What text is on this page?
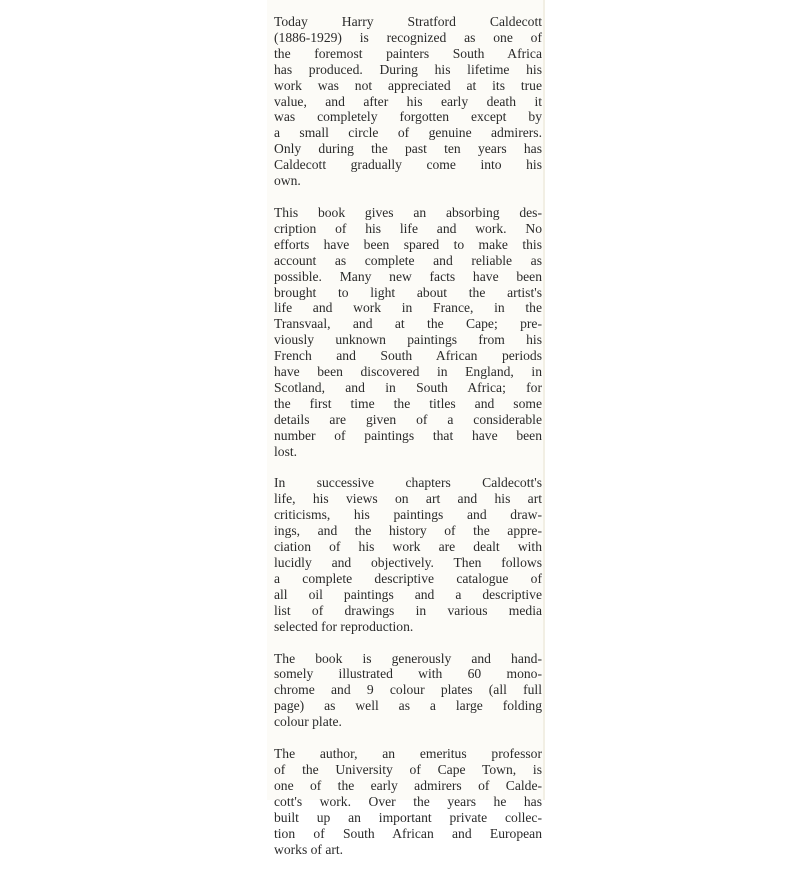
Today Harry Stratford Caldecott
(1886-1929) is recognized as one of
the foremost painters South Africa
has produced. During his lifetime his
work was not appreciated at its true
value, and after his early death it
was completely forgotten except by
a small circle of genuine admirers.
Only during the past ten years has
Caldecott gradually come into his
own.

This book gives an absorbing des-
cription of his life and work. No
efforts have been spared to make this
account as complete and reliable as
possible. Many new facts have been
brought to light about the artist's
life and work in France, in the
Transvaal, and at the Cape; pre-
viously unknown paintings from his
French and South African periods
have been discovered in England, in
Scotland, and in South Africa; for
the first time the titles and some
details are given of a considerable
number of paintings that have been
lost.

In successive chapters Caldecott's
life, his views on art and his art
criticisms, his paintings and draw-
ings, and the history of the appre-
ciation of his work are dealt with
lucidly and objectively. Then follows
a complete descriptive catalogue of
all oil paintings and a descriptive
list of drawings in various media
selected for reproduction.

The book is generously and hand-
somely illustrated with 60 mono-
chrome and 9 colour plates (all full
page) as well as a large folding
colour plate.

The author, an emeritus professor
of the University of Cape Town, is
one of the early admirers of Calde-
cott's work. Over the years he has
built up an important private collec-
tion of South African and European
works of art.
